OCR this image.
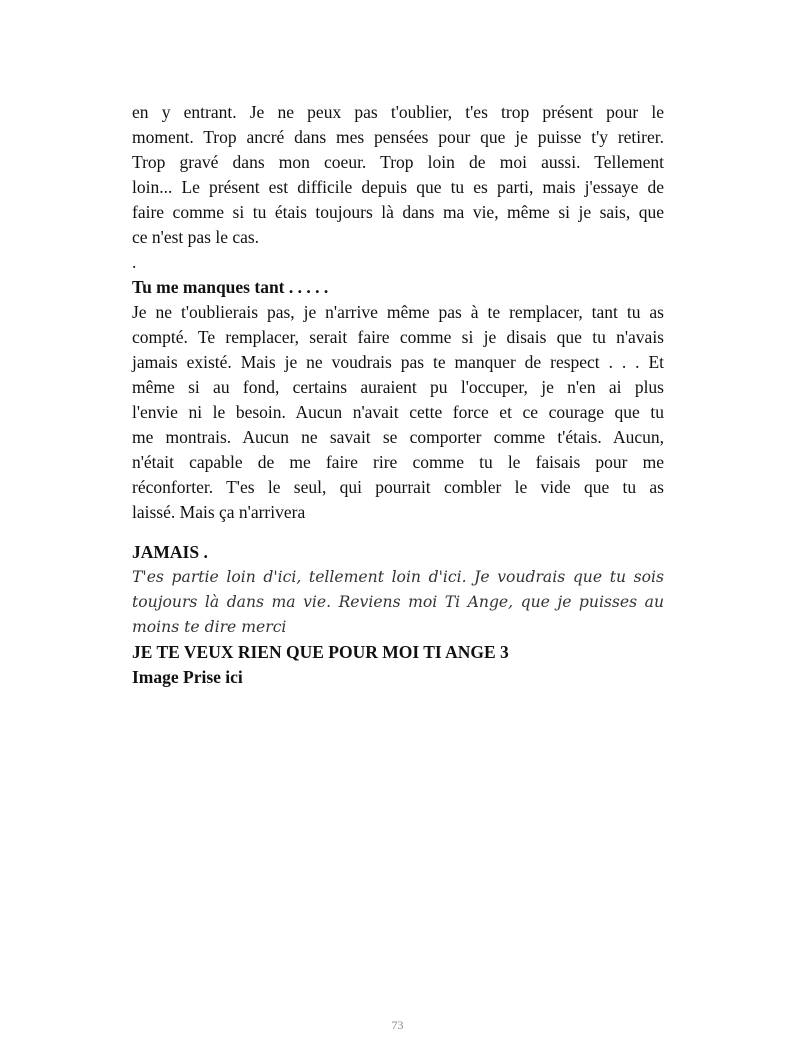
en y entrant. Je ne peux pas t'oublier, t'es trop présent pour le
moment. Trop ancré dans mes pensées pour que je puisse t'y retirer.
Trop gravé dans mon coeur. Trop loin de moi aussi. Tellement
loin... Le présent est difficile depuis que tu es parti, mais j'essaye de
faire comme si tu étais toujours là dans ma vie, même si je sais, que
ce n'est pas le cas.
.
Tu me manques tant . . . . .
Je ne t'oublierais pas, je n'arrive même pas à te remplacer, tant tu as
compté. Te remplacer, serait faire comme si je disais que tu n'avais
jamais existé. Mais je ne voudrais pas te manquer de respect . . . Et
même si au fond, certains auraient pu l'occuper, je n'en ai plus
l'envie ni le besoin. Aucun n'avait cette force et ce courage que tu
me montrais. Aucun ne savait se comporter comme t'étais. Aucun,
n'était capable de me faire rire comme tu le faisais pour me
réconforter. T'es le seul, qui pourrait combler le vide que tu as
laissé. Mais ça n'arrivera
JAMAIS .
T'es partie loin d'ici, tellement loin d'ici. Je voudrais que tu sois
toujours là dans ma vie. Reviens moi Ti Ange, que je puisses au
moins te dire merci
JE TE VEUX RIEN QUE POUR MOI TI ANGE 3
Image Prise ici
73
